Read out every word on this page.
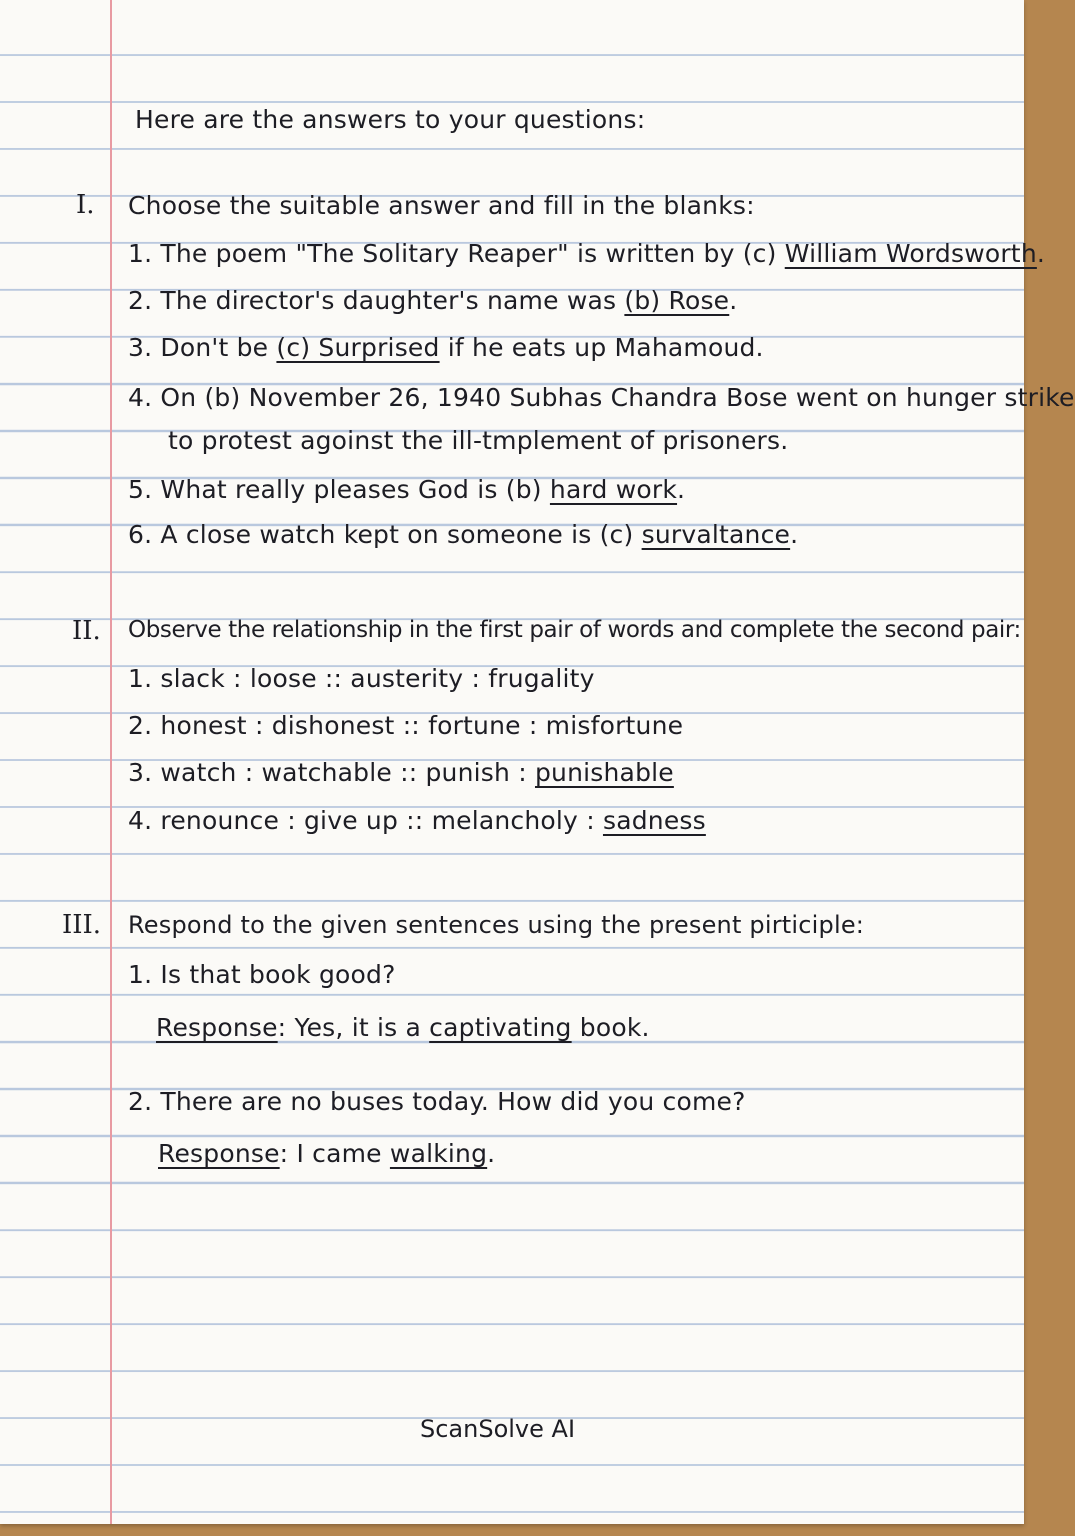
Here are the answers to your questions:
I. Choose the suitable answer and fill in the blanks:
1. The poem "The Solitary Reaper" is written by (c) William Wordsworth.
2. The director's daughter's name was (b) Rose.
3. Don't be (c) Surprised if he eats up Mahamoud.
4. On (b) November 26, 1940 Subhas Chandra Bose went on hunger strike
to protest agoinst the ill-tmplement of prisoners.
5. What really pleases God is (b) hard work.
6. A close watch kept on someone is (c) survaltance.
II. Observe the relationship in the first pair of words and complete the second pair:
1. slack : loose :: austerity : frugality
2. honest : dishonest :: fortune : misfortune
3. watch : watchable :: punish : punishable
4. renounce : give up :: melancholy : sadness
III. Respond to the given sentences using the present pirticiple:
1. Is that book good?
Response: Yes, it is a captivating book.
2. There are no buses today. How did you come?
Response: I came walking.
ScanSolve AI
